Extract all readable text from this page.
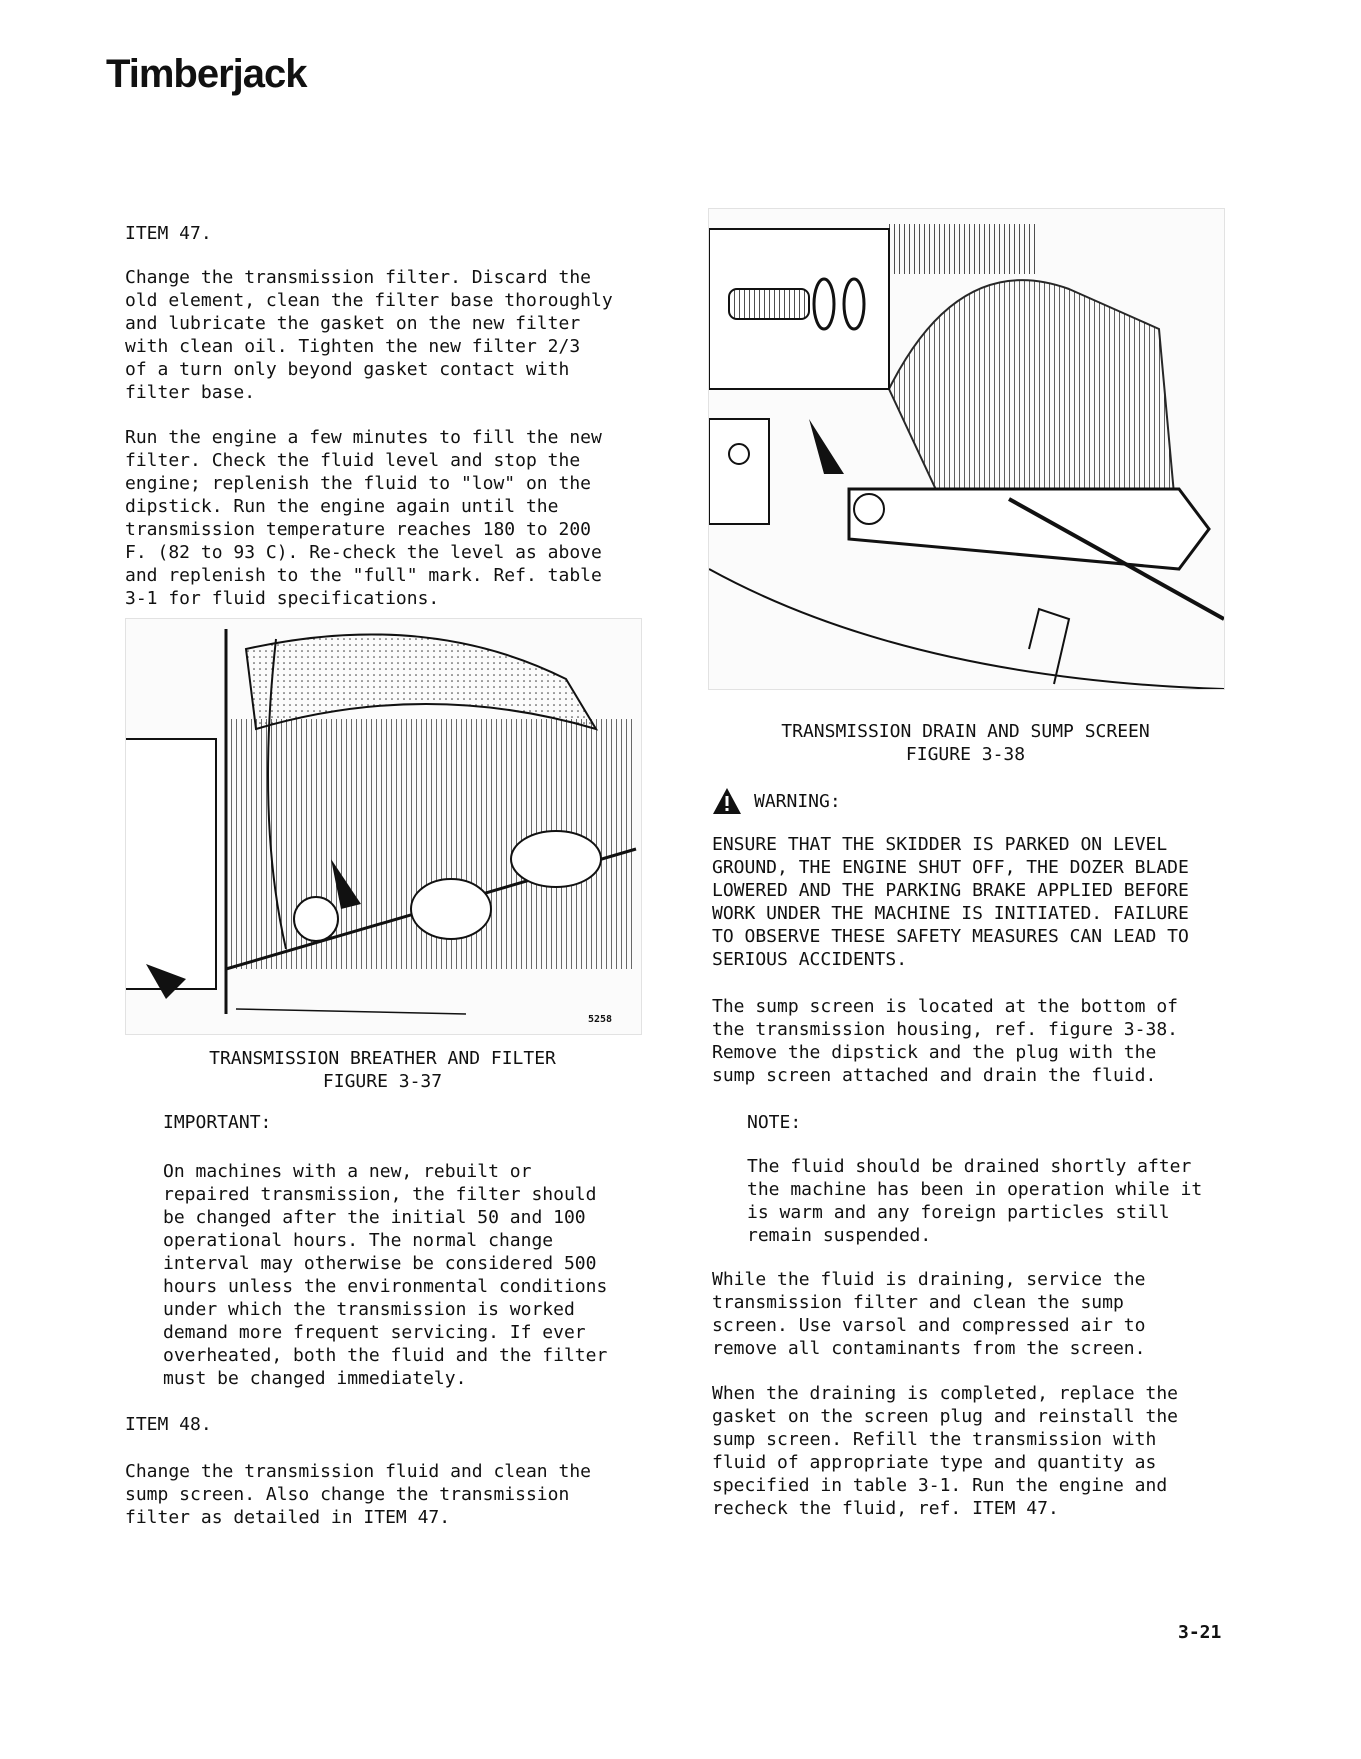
Timberjack
ITEM 47.
Change the transmission filter. Discard the
old element, clean the filter base thoroughly
and lubricate the gasket on the new filter
with clean oil. Tighten the new filter 2/3
of a turn only beyond gasket contact with
filter base.
Run the engine a few minutes to fill the new
filter. Check the fluid level and stop the
engine; replenish the fluid to "low" on the
dipstick. Run the engine again until the
transmission temperature reaches 180 to 200
F. (82 to 93 C). Re-check the level as above
and replenish to the "full" mark. Ref. table
3-1 for fluid specifications.
5258
TRANSMISSION BREATHER AND FILTER
FIGURE 3-37
IMPORTANT:
On machines with a new, rebuilt or
repaired transmission, the filter should
be changed after the initial 50 and 100
operational hours. The normal change
interval may otherwise be considered 500
hours unless the environmental conditions
under which the transmission is worked
demand more frequent servicing. If ever
overheated, both the fluid and the filter
must be changed immediately.
ITEM 48.
Change the transmission fluid and clean the
sump screen. Also change the transmission
filter as detailed in ITEM 47.
TRANSMISSION DRAIN AND SUMP SCREEN
FIGURE 3-38
WARNING:
ENSURE THAT THE SKIDDER IS PARKED ON LEVEL
GROUND, THE ENGINE SHUT OFF, THE DOZER BLADE
LOWERED AND THE PARKING BRAKE APPLIED BEFORE
WORK UNDER THE MACHINE IS INITIATED. FAILURE
TO OBSERVE THESE SAFETY MEASURES CAN LEAD TO
SERIOUS ACCIDENTS.
The sump screen is located at the bottom of
the transmission housing, ref. figure 3-38.
Remove the dipstick and the plug with the
sump screen attached and drain the fluid.
NOTE:
The fluid should be drained shortly after
the machine has been in operation while it
is warm and any foreign particles still
remain suspended.
While the fluid is draining, service the
transmission filter and clean the sump
screen. Use varsol and compressed air to
remove all contaminants from the screen.
When the draining is completed, replace the
gasket on the screen plug and reinstall the
sump screen. Refill the transmission with
fluid of appropriate type and quantity as
specified in table 3-1. Run the engine and
recheck the fluid, ref. ITEM 47.
3-21
